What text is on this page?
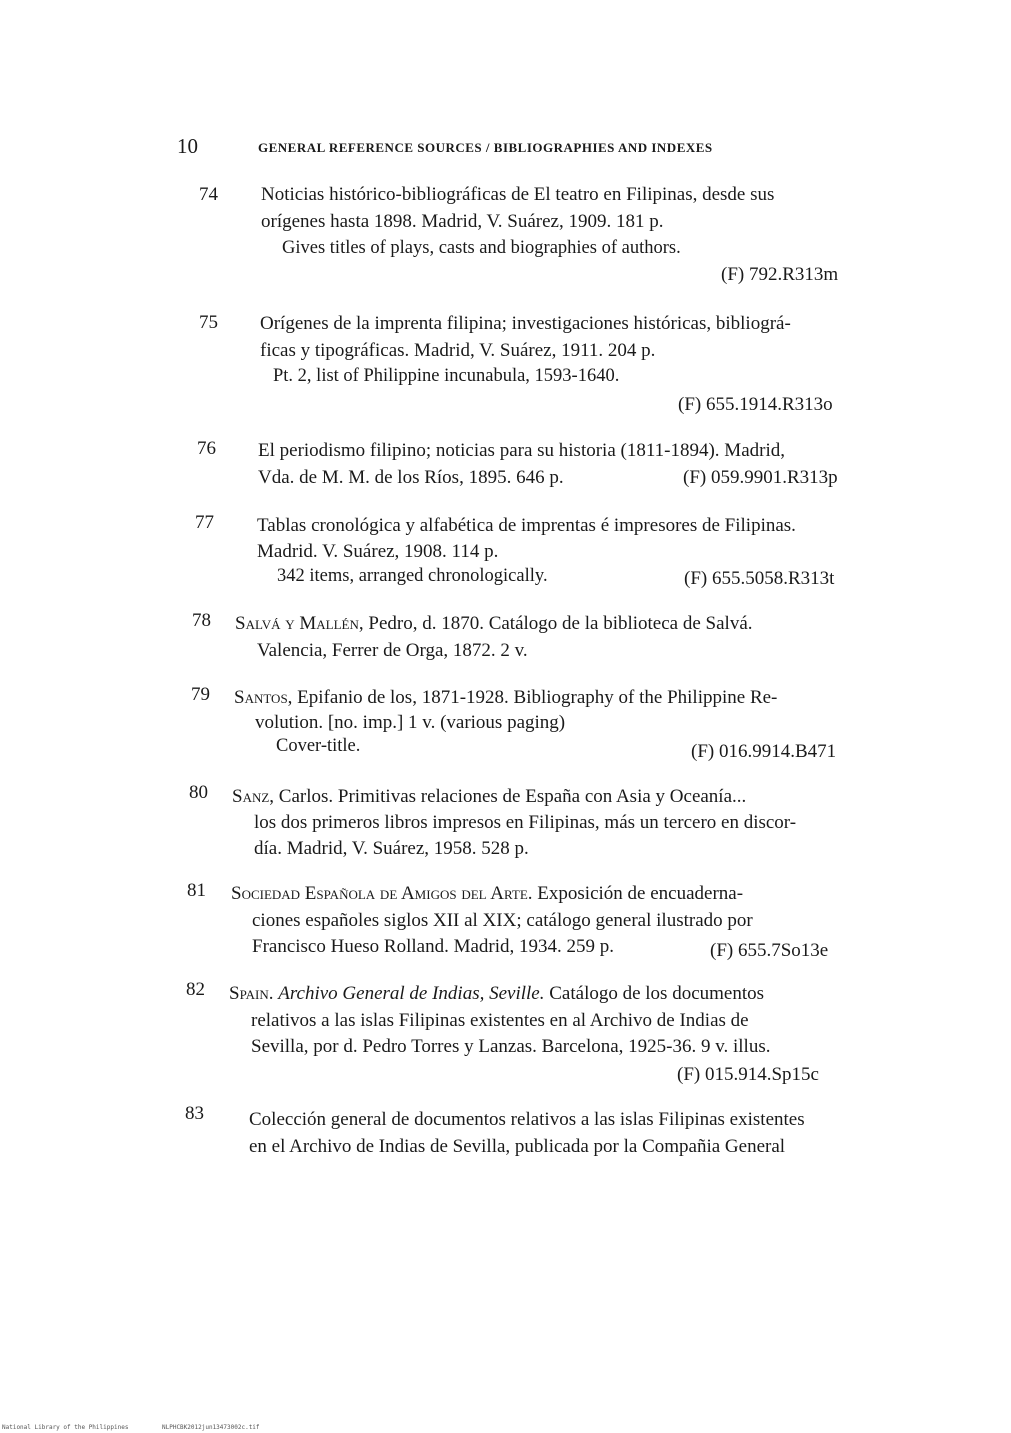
10	GENERAL REFERENCE SOURCES / BIBLIOGRAPHIES AND INDEXES
74 Noticias histórico-bibliográficas de El teatro en Filipinas, desde sus
orígenes hasta 1898. Madrid, V. Suárez, 1909. 181 p.
Gives titles of plays, casts and biographies of authors.
(F) 792.R313m
75 Orígenes de la imprenta filipina; investigaciones históricas, bibliográ-
ficas y tipográficas. Madrid, V. Suárez, 1911. 204 p.
Pt. 2, list of Philippine incunabula, 1593-1640.
(F) 655.1914.R313o
76 El periodismo filipino; noticias para su historia (1811-1894). Madrid,
Vda. de M. M. de los Ríos, 1895. 646 p.	(F) 059.9901.R313p
77 Tablas cronológica y alfabética de imprentas é impresores de Filipinas.
Madrid. V. Suárez, 1908. 114 p.
342 items, arranged chronologically.	(F) 655.5058.R313t
78 Salvá y Mallén, Pedro, d. 1870. Catálogo de la biblioteca de Salvá.
Valencia, Ferrer de Orga, 1872. 2 v.
79 Santos, Epifanio de los, 1871-1928. Bibliography of the Philippine Re-
volution. [no. imp.] 1 v. (various paging)
Cover-title.	(F) 016.9914.B471
80 Sanz, Carlos. Primitivas relaciones de España con Asia y Oceanía...
los dos primeros libros impresos en Filipinas, más un tercero en discor-
día. Madrid, V. Suárez, 1958. 528 p.
81 Sociedad Española de Amigos del Arte. Exposición de encuaderna-
ciones españoles siglos XII al XIX; catálogo general ilustrado por
Francisco Hueso Rolland. Madrid, 1934. 259 p.	(F) 655.7So13e
82 Spain. Archivo General de Indias, Seville. Catálogo de los documentos
relativos a las islas Filipinas existentes en al Archivo de Indias de
Sevilla, por d. Pedro Torres y Lanzas. Barcelona, 1925-36. 9 v. illus.
(F) 015.914.Sp15c
83 Colección general de documentos relativos a las islas Filipinas existentes
en el Archivo de Indias de Sevilla, publicada por la Compañia General
National Library of the Philippines	NLPHCBK2012jun13473002c.tif
